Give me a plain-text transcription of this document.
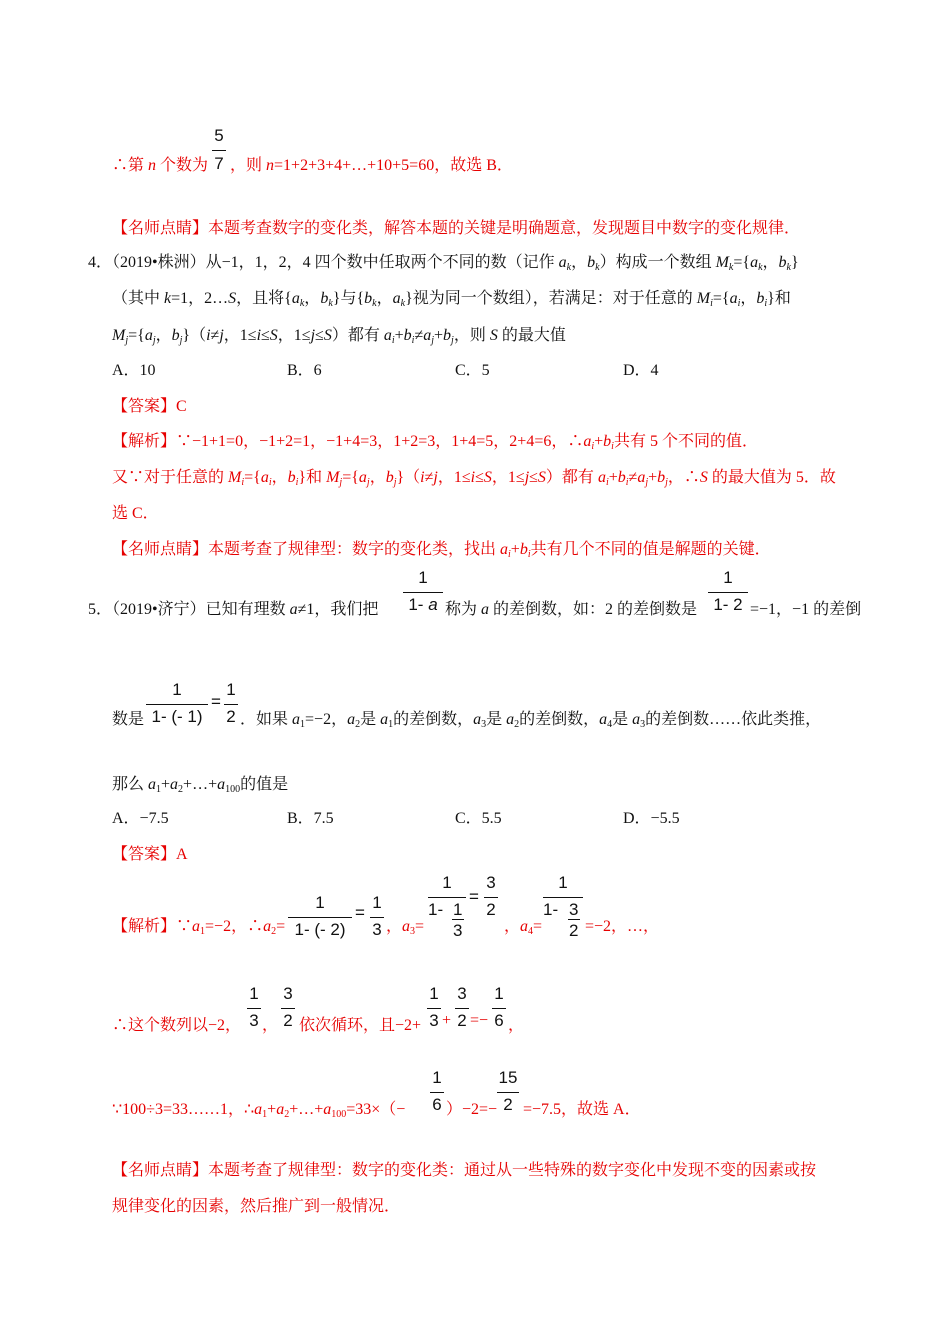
∴第 n 个数为
5
7 ，则 n=1+2+3+4+…+10+5=60，故选 B．
【名师点睛】本题考查数字的变化类，解答本题的关键是明确题意，发现题目中数字的变化规律．
4．（2019•株洲）从−1，1，2，4 四个数中任取两个不同的数（记作 $a_k$，$b_k$）构成一个数组 $M_k=\{a_k$，$b_k$}
（其中 k=1，2…S，且将{$a_k$，$b_k$}与{$b_k$，$a_k$}视为同一个数组），若满足：对于任意的 $M_i=\{a_i$，$b_i$}和
$M_j=\{a_j$，$b_j\}(i\ne j$，1≤i≤S，1≤j≤S）都有 $a_i+b_i\ne a_j+b_j$，则 S 的最大值
A．10	B．6	C．5	D．4
【答案】C
【解析】∵−1+1=0，−1+2=1，−1+4=3，1+2=3，1+4=5，2+4=6，$\therefore a_i+b_i$共有 5 个不同的值．
又∵对于任意的 $M_i=\{a_i$，$b_i$}和 $M_j=\{a_j$，$b_j\}(i\ne j$，1≤i≤S，1≤j≤S）都有 $a_i+b_i\ne a_j+b_j$，∴S 的最大值为 5．故
选 C．
【名师点睛】本题考查了规律型：数字的变化类，找出 $a_i+b_i$共有几个不同的值是解题的关键．
5．（2019•济宁）已知有理数 a≠1，我们把
1
1- a 称为 a 的差倒数，如：2 的差倒数是
1
1- 2 =−1，−1 的差倒
数是
1
1- (- 1)
=
1
2 ．如果 $a_1=-2$，$a_2$是 $a_1$的差倒数，$a_3$是 $a_2$的差倒数，$a_4$是 $a_3$的差倒数……依此类推，
那么 $a_1+a_2+\dots+a_{100}$的值是
A．−7.5	B．7.5	C．5.5	D．−5.5
【答案】A
【解析】$\because a_1=-2$，$\therefore a_2=$
1
1- (- 2)
=
1
3 ，$a_3=$
1
1- 1
3
=
3
2
，$a_4=$
1
1- 3
2 =−2，…，
∴这个数列以−2，
1
3 ，
3
2 依次循环，且−2+
1
3 +
3
2 =−
1
6 ，
∵100÷3=33……1，$\therefore a_1+a_2+\dots+a_{100}=33\times(-$
1
6 ）−2=−
15
2 =−7.5，故选 A．
【名师点睛】本题考查了规律型：数字的变化类：通过从一些特殊的数字变化中发现不变的因素或按
规律变化的因素，然后推广到一般情况．
